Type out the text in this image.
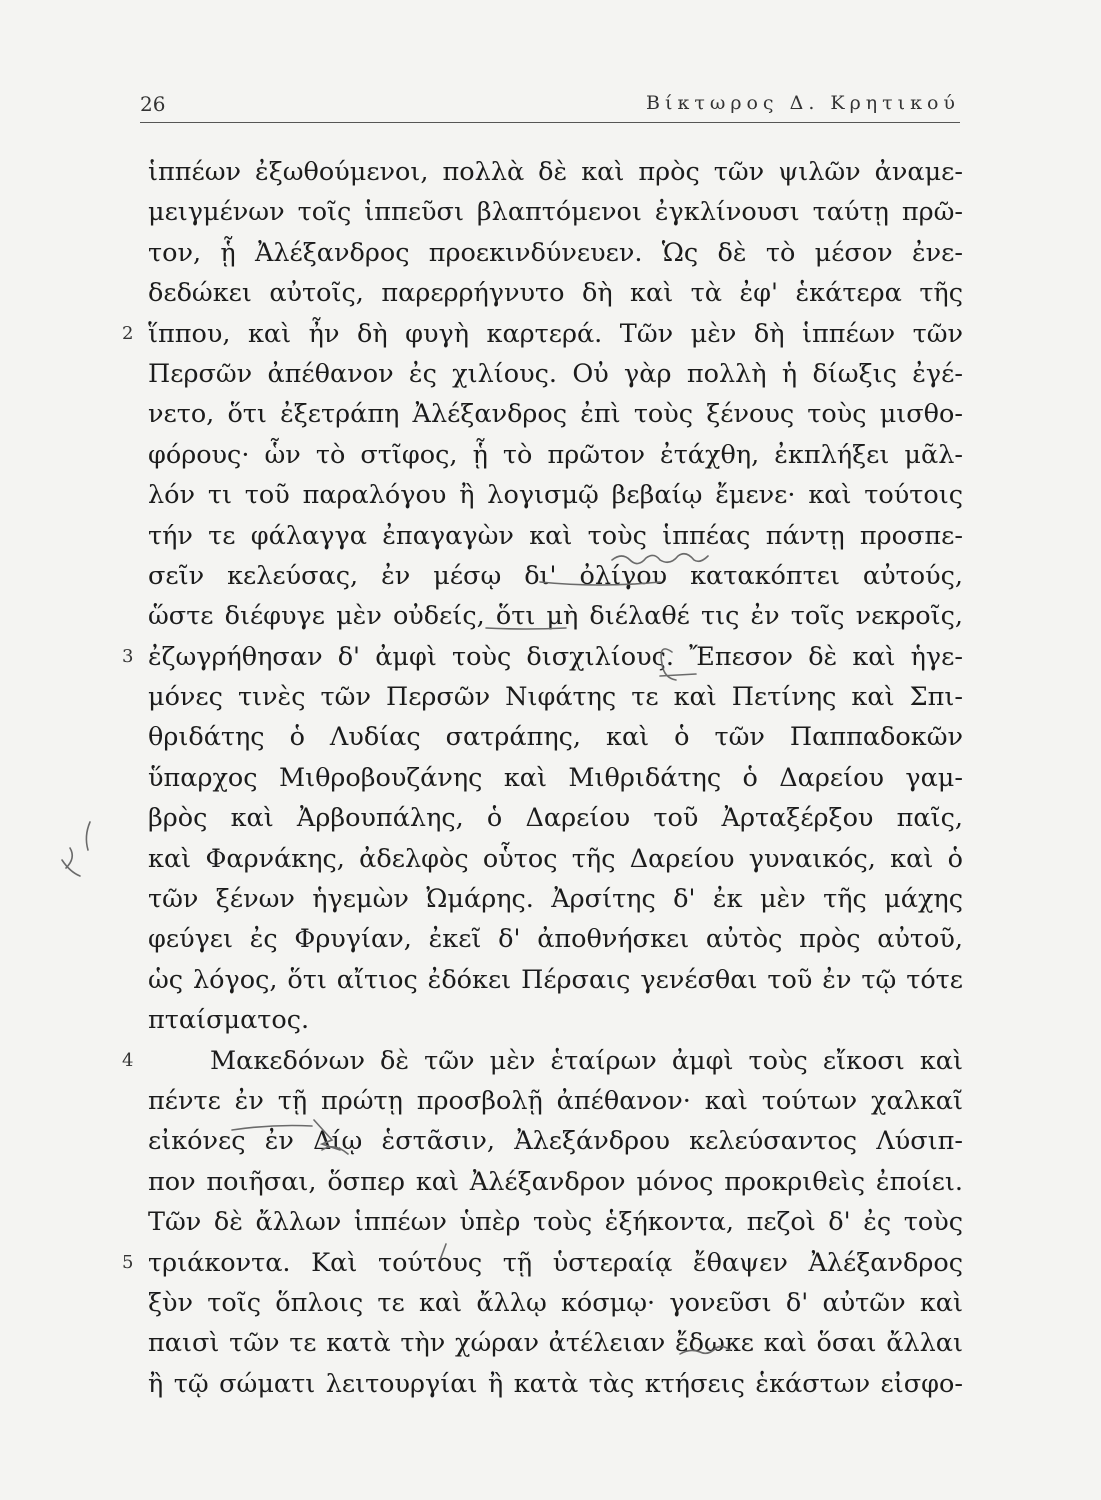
26	Βίκτωρος Δ. Κρητικού
ἱππέων ἐξωθούμενοι, πολλὰ δὲ καὶ πρὸς τῶν ψιλῶν ἀναμε-
μειγμένων τοῖς ἱππεῦσι βλαπτόμενοι ἐγκλίνουσι ταύτῃ πρῶ-
τον, ᾗ Ἀλέξανδρος προεκινδύνευεν. Ὡς δὲ τὸ μέσον ἐνε-
δεδώκει αὐτοῖς, παρερρήγνυτο δὴ καὶ τὰ ἐφ' ἑκάτερα τῆς
2 ἵππου, καὶ ἦν δὴ φυγὴ καρτερά. Τῶν μὲν δὴ ἱππέων τῶν
Περσῶν ἀπέθανον ἐς χιλίους. Οὐ γὰρ πολλὴ ἡ δίωξις ἐγέ-
νετο, ὅτι ἐξετράπη Ἀλέξανδρος ἐπὶ τοὺς ξένους τοὺς μισθο-
φόρους· ὧν τὸ στῖφος, ᾗ τὸ πρῶτον ἐτάχθη, ἐκπλήξει μᾶλ-
λόν τι τοῦ παραλόγου ἢ λογισμῷ βεβαίῳ ἔμενε· καὶ τούτοις
τήν τε φάλαγγα ἐπαγαγὼν καὶ τοὺς ἱππέας πάντῃ προσπε-
σεῖν κελεύσας, ἐν μέσῳ δι' ὀλίγου κατακόπτει αὐτούς,
ὥστε διέφυγε μὲν οὐδείς, ὅτι μὴ διέλαθέ τις ἐν τοῖς νεκροῖς,
3 ἐζωγρήθησαν δ' ἀμφὶ τοὺς δισχιλίους. Ἔπεσον δὲ καὶ ἡγε-
μόνες τινὲς τῶν Περσῶν Νιφάτης τε καὶ Πετίνης καὶ Σπι-
θριδάτης ὁ Λυδίας σατράπης, καὶ ὁ τῶν Παππαδοκῶν
ὕπαρχος Μιθροβουζάνης καὶ Μιθριδάτης ὁ Δαρείου γαμ-
βρὸς καὶ Ἀρβουπάλης, ὁ Δαρείου τοῦ Ἀρταξέρξου παῖς,
καὶ Φαρνάκης, ἀδελφὸς οὗτος τῆς Δαρείου γυναικός, καὶ ὁ
τῶν ξένων ἡγεμὼν Ὠμάρης. Ἀρσίτης δ' ἐκ μὲν τῆς μάχης
φεύγει ἐς Φρυγίαν, ἐκεῖ δ' ἀποθνήσκει αὐτὸς πρὸς αὐτοῦ,
ὡς λόγος, ὅτι αἴτιος ἐδόκει Πέρσαις γενέσθαι τοῦ ἐν τῷ τότε
πταίσματος.
4	Μακεδόνων δὲ τῶν μὲν ἑταίρων ἀμφὶ τοὺς εἴκοσι καὶ
πέντε ἐν τῇ πρώτῃ προσβολῇ ἀπέθανον· καὶ τούτων χαλκαῖ
εἰκόνες ἐν Δίῳ ἑστᾶσιν, Ἀλεξάνδρου κελεύσαντος Λύσιπ-
πον ποιῆσαι, ὅσπερ καὶ Ἀλέξανδρον μόνος προκριθεὶς ἐποίει.
Τῶν δὲ ἄλλων ἱππέων ὑπὲρ τοὺς ἑξήκοντα, πεζοὶ δ' ἐς τοὺς
5 τριάκοντα. Καὶ τούτους τῇ ὑστεραίᾳ ἔθαψεν Ἀλέξανδρος
ξὺν τοῖς ὅπλοις τε καὶ ἄλλῳ κόσμῳ· γονεῦσι δ' αὐτῶν καὶ
παισὶ τῶν τε κατὰ τὴν χώραν ἀτέλειαν ἔδωκε καὶ ὅσαι ἄλλαι
ἢ τῷ σώματι λειτουργίαι ἢ κατὰ τὰς κτήσεις ἑκάστων εἰσφο-
